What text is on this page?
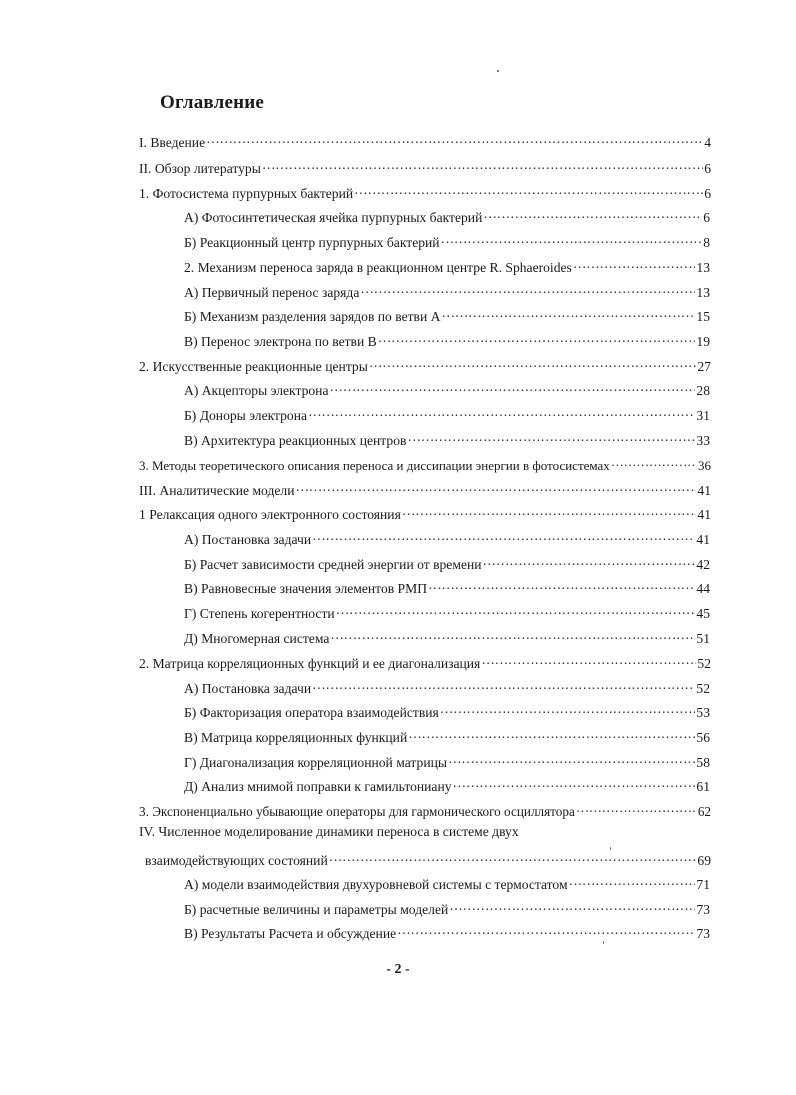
Оглавление
I. Введение ……………………………………………………………………………………………………………………………………………………………………………………	4
II. Обзор литературы ……………………………………………………………………………………………………………………………………………………………………………………	6
1. Фотосистема пурпурных бактерий ……………………………………………………………………………………………………………………………………………………………………………………	6
А) Фотосинтетическая ячейка пурпурных бактерий ……………………………………………………………………………………………………………………………………………………………………………………	6
Б) Реакционный центр пурпурных бактерий ……………………………………………………………………………………………………………………………………………………………………………………	8
2. Механизм переноса заряда в реакционном центре R. Sphaeroides ……………………………………………………………………………………………………………………………………………………………………………………	13
А) Первичный перенос заряда ……………………………………………………………………………………………………………………………………………………………………………………	13
Б) Механизм разделения зарядов по ветви А ……………………………………………………………………………………………………………………………………………………………………………………	15
В) Перенос электрона по ветви В ……………………………………………………………………………………………………………………………………………………………………………………	19
2. Искусственные реакционные центры ……………………………………………………………………………………………………………………………………………………………………………………	27
А) Акцепторы электрона ……………………………………………………………………………………………………………………………………………………………………………………	28
Б) Доноры электрона ……………………………………………………………………………………………………………………………………………………………………………………	31
В) Архитектура реакционных центров ……………………………………………………………………………………………………………………………………………………………………………………	33
3. Методы теоретического описания переноса и диссипации энергии в фотосистемах ……………………………………………………………………………………………………………………………………………………………………………………	36
III. Аналитические модели ……………………………………………………………………………………………………………………………………………………………………………………	41
1 Релаксация одного электронного состояния ……………………………………………………………………………………………………………………………………………………………………………………	41
А) Постановка задачи ……………………………………………………………………………………………………………………………………………………………………………………	41
Б) Расчет зависимости средней энергии от времени ……………………………………………………………………………………………………………………………………………………………………………………	42
В) Равновесные значения элементов РМП ……………………………………………………………………………………………………………………………………………………………………………………	44
Г) Степень когерентности ……………………………………………………………………………………………………………………………………………………………………………………	45
Д) Многомерная система ……………………………………………………………………………………………………………………………………………………………………………………	51
2. Матрица корреляционных функций и ее диагонализация ……………………………………………………………………………………………………………………………………………………………………………………	52
А) Постановка задачи ……………………………………………………………………………………………………………………………………………………………………………………	52
Б) Факторизация оператора взаимодействия ……………………………………………………………………………………………………………………………………………………………………………………	53
В) Матрица корреляционных функций ……………………………………………………………………………………………………………………………………………………………………………………	56
Г) Диагонализация корреляционной матрицы ……………………………………………………………………………………………………………………………………………………………………………………	58
Д) Анализ мнимой поправки к гамильтониану ……………………………………………………………………………………………………………………………………………………………………………………	61
3. Экспоненциально убывающие операторы для гармонического осциллятора ……………………………………………………………………………………………………………………………………………………………………………………	62
IV. Численное моделирование динамики переноса в системе двух
взаимодействующих состояний ……………………………………………………………………………………………………………………………………………………………………………………	69
А) модели взаимодействия двухуровневой системы с термостатом ……………………………………………………………………………………………………………………………………………………………………………………	71
Б) расчетные величины и параметры моделей ……………………………………………………………………………………………………………………………………………………………………………………	73
В) Результаты Расчета и обсуждение ……………………………………………………………………………………………………………………………………………………………………………………	73
- 2 -
